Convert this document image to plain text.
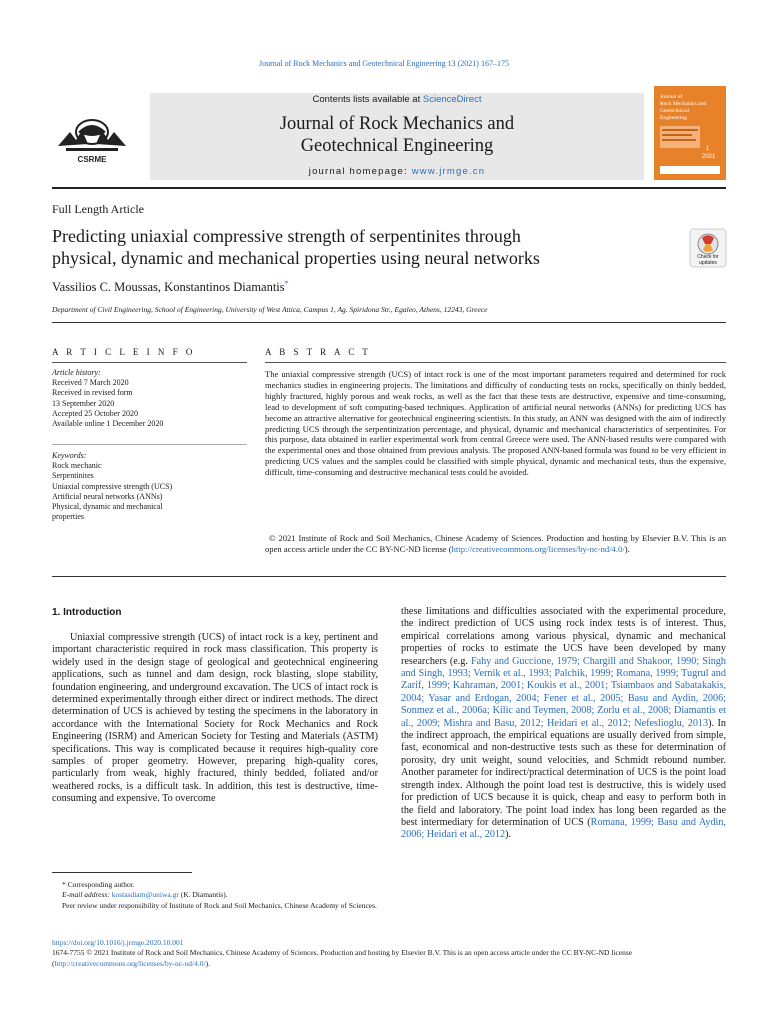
Journal of Rock Mechanics and Geotechnical Engineering 13 (2021) 167–175
Contents lists available at ScienceDirect
Journal of Rock Mechanics and
Geotechnical Engineering
journal homepage: www.jrmge.cn
CSRME
Journal of
Rock Mechanics and
Geotechnical
Engineering
1
2021
Full Length Article
Predicting uniaxial compressive strength of serpentinites through
physical, dynamic and mechanical properties using neural networks	Check for updates
Vassilios C. Moussas, Konstantinos Diamantis*
Department of Civil Engineering, School of Engineering, University of West Attica, Campus 1, Ag. Spiridona Str., Egaleo, Athens, 12243, Greece
A R T I C L E I N F O	A B S T R A C T
Article history:
Received 7 March 2020
Received in revised form
13 September 2020
Accepted 25 October 2020
Available online 1 December 2020
Keywords:
Rock mechanic
Serpentinites
Uniaxial compressive strength (UCS)
Artificial neural networks (ANNs)
Physical, dynamic and mechanical
properties
The uniaxial compressive strength (UCS) of intact rock is one of the most important parameters required and determined for rock mechanics studies in engineering projects. The limitations and difficulty of conducting tests on rocks, specifically on thinly bedded, highly fractured, highly porous and weak rocks, as well as the fact that these tests are destructive, expensive and time-consuming, lead to development of soft computing-based techniques. Application of artificial neural networks (ANNs) for predicting UCS has become an attractive alternative for geotechnical engineering scientists. In this study, an ANN was designed with the aim of indirectly predicting UCS through the serpentinization percentage, and physical, dynamic and mechanical characteristics of serpentinites. For this purpose, data obtained in earlier experimental work from central Greece were used. The ANN-based results were compared with the experimental ones and those obtained from previous analysis. The proposed ANN-based formula was found to be very efficient in predicting UCS values and the samples could be classified with simple physical, dynamic and mechanical tests, thus the expensive, difficult, time-consuming and destructive mechanical tests could be avoided.
© 2021 Institute of Rock and Soil Mechanics, Chinese Academy of Sciences. Production and hosting by Elsevier B.V. This is an open access article under the CC BY-NC-ND license (http://creativecommons.org/licenses/by-nc-nd/4.0/).
1. Introduction
Uniaxial compressive strength (UCS) of intact rock is a key, pertinent and important characteristic required in rock mass classification. This property is widely used in the design stage of geological and geotechnical engineering applications, such as tunnel and dam design, rock blasting, slope stability, foundation engineering, and underground excavation. The UCS of intact rock is determined experimentally through either direct or indirect methods. The direct determination of UCS is achieved by testing the specimens in the laboratory in accordance with the International Society for Rock Mechanics and Rock Engineering (ISRM) and American Society for Testing and Materials (ASTM) specifications. This way is complicated because it requires high-quality core samples of proper geometry. However, preparing high-quality cores, particularly from weak, highly fractured, thinly bedded, foliated and/or weathered rocks, is a difficult task. In addition, this test is destructive, time-consuming and expensive. To overcome
these limitations and difficulties associated with the experimental procedure, the indirect prediction of UCS using rock index tests is of interest. Thus, empirical correlations among various physical, dynamic and mechanical properties of rocks to estimate the UCS have been developed by many researchers (e.g. Fahy and Guccione, 1979; Chargill and Shakoor, 1990; Singh and Singh, 1993; Vernik et al., 1993; Palchik, 1999; Romana, 1999; Tugrul and Zarif, 1999; Kahraman, 2001; Koukis et al., 2001; Tsiambaos and Sabatakakis, 2004; Yasar and Erdogan, 2004; Fener et al., 2005; Basu and Aydin, 2006; Sonmez et al., 2006a; Kilic and Teymen, 2008; Zorlu et al., 2008; Diamantis et al., 2009; Mishra and Basu, 2012; Heidari et al., 2012; Nefeslioglu, 2013). In the indirect approach, the empirical equations are usually derived from simple, fast, economical and non-destructive tests such as these for determination of porosity, dry unit weight, sound velocities, and Schmidt rebound number. Another parameter for indirect/practical determination of UCS is the point load strength index. Although the point load test is destructive, this is widely used for prediction of UCS because it is quick, cheap and easy to perform both in the field and laboratory. The point load index has long been regarded as the best intermediary for determination of UCS (Romana, 1999; Basu and Aydin, 2006; Heidari et al., 2012).
* Corresponding author.
E-mail address: kostasdiam@uniwa.gr (K. Diamantis).
Peer review under responsibility of Institute of Rock and Soil Mechanics, Chinese Academy of Sciences.
https://doi.org/10.1016/j.jrmge.2020.10.001
1674-7755 © 2021 Institute of Rock and Soil Mechanics, Chinese Academy of Sciences. Production and hosting by Elsevier B.V. This is an open access article under the CC BY-NC-ND license (http://creativecommons.org/licenses/by-nc-nd/4.0/).
